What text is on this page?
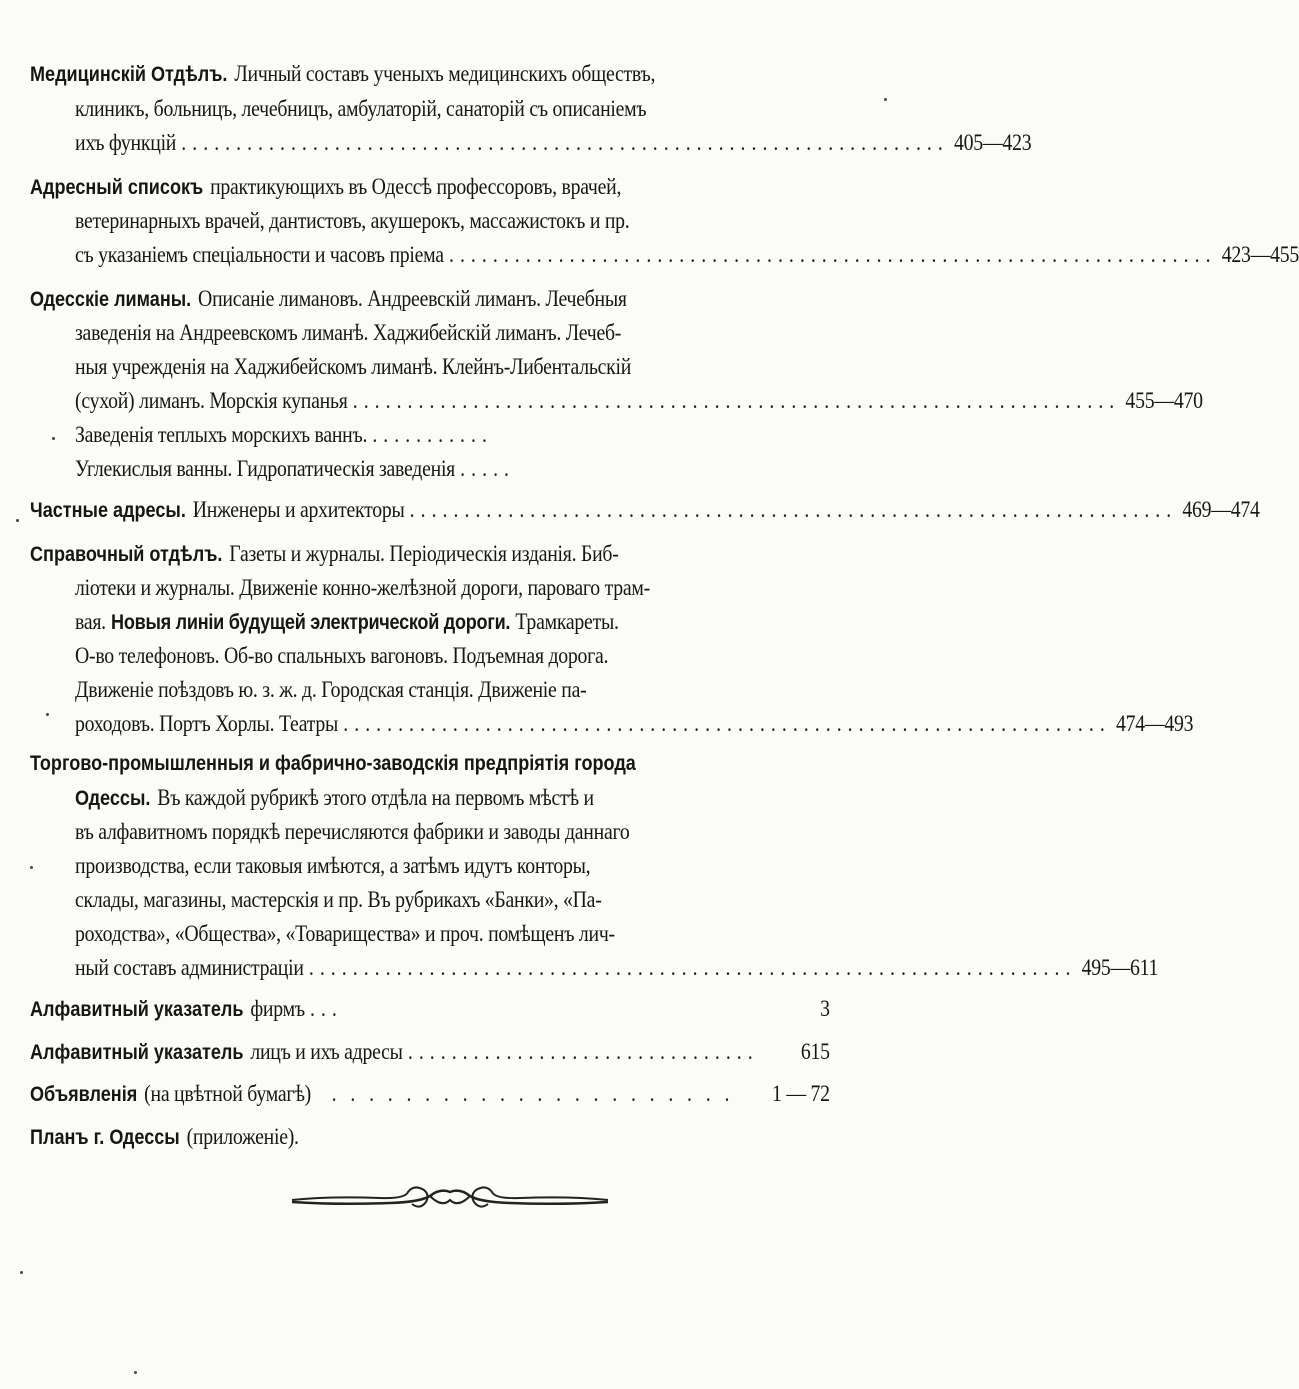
Медицинскій Отдѣлъ. Личный составъ ученыхъ медицинскихъ обществъ,
клиникъ, больницъ, лечебницъ, амбулаторій, санаторій съ описаніемъ
ихъ функцій ...................................................................... 405—423
Адресный списокъ практикующихъ въ Одессѣ профессоровъ, врачей,
ветеринарныхъ врачей, дантистовъ, акушерокъ, массажистокъ и пр.
съ указаніемъ спеціальности и часовъ пріема ...................................................................... 423—455
Одесскіе лиманы. Описаніе лимановъ. Андреевскій лиманъ. Лечебныя
заведенія на Андреевскомъ лиманѣ. Хаджибейскій лиманъ. Лечеб-
ныя учрежденія на Хаджибейскомъ лиманѣ. Клейнъ-Либентальскій
(сухой) лиманъ. Морскія купанья ...................................................................... 455—470
Заведенія теплыхъ морскихъ ваннъ. ...........
Углекислыя ванны. Гидропатическія заведенія .....
Частные адресы. Инженеры и архитекторы ...................................................................... 469—474
Справочный отдѣлъ. Газеты и журналы. Періодическія изданія. Биб-
ліотеки и журналы. Движеніе конно-желѣзной дороги, пароваго трам-
вая. Новыя линіи будущей электрической дороги. Трамкареты.
О-во телефоновъ. Об-во спальныхъ вагоновъ. Подъемная дорога.
Движеніе поѣздовъ ю. з. ж. д. Городская станція. Движеніе па-
роходовъ. Портъ Хорлы. Театры ...................................................................... 474—493
Торгово-промышленныя и фабрично-заводскія предпріятія города
Одессы. Въ каждой рубрикѣ этого отдѣла на первомъ мѣстѣ и
въ алфавитномъ порядкѣ перечисляются фабрики и заводы даннаго
производства, если таковыя имѣются, а затѣмъ идутъ конторы,
склады, магазины, мастерскія и пр. Въ рубрикахъ «Банки», «Па-
роходства», «Общества», «Товарищества» и проч. помѣщенъ лич-
ный составъ администраціи ...................................................................... 495—611
Алфавитный указатель фирмъ ...	3
Алфавитный указатель лицъ и ихъ адресы ................................ 615
Объявленія (на цвѣтной бумагѣ) ...................... 1 — 72
Планъ г. Одессы (приложеніе).
